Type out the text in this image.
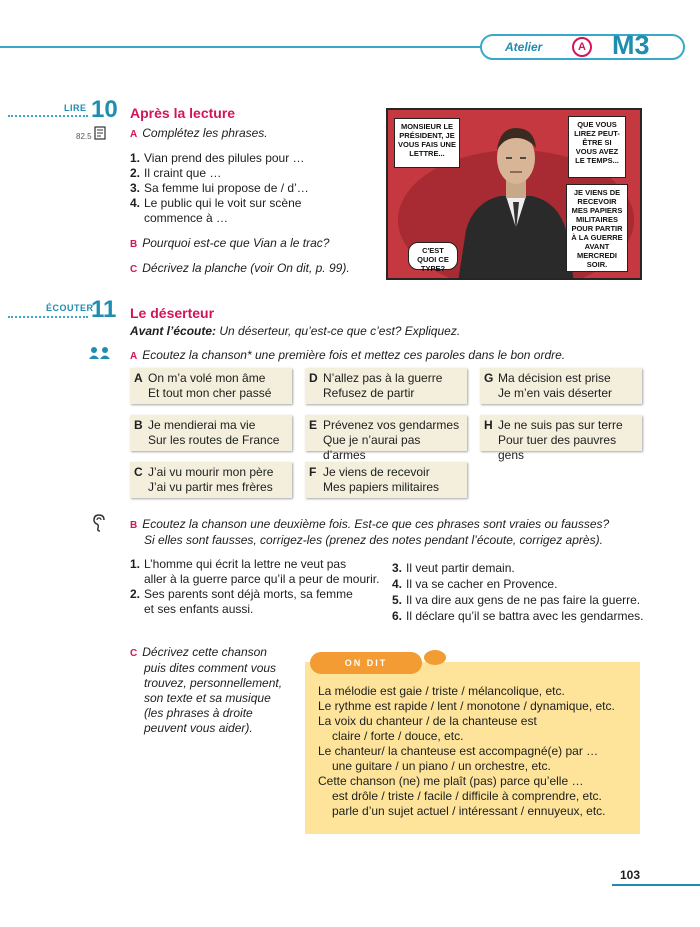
Atelier	A M3
LIRE 10 Après la lecture
82.5	A Complétez les phrases.
1. Vian prend des pilules pour …
2. Il craint que …
3. Sa femme lui propose de / d’…
4. Le public qui le voit sur scène
commence à …
B Pourquoi est-ce que Vian a le trac?
C Décrivez la planche (voir On dit, p. 99).
MONSIEUR LE PRÉSIDENT, JE VOUS FAIS UNE LETTRE...
QUE VOUS LIREZ PEUT-ÊTRE SI VOUS AVEZ LE TEMPS...
JE VIENS DE RECEVOIR MES PAPIERS MILITAIRES POUR PARTIR À LA GUERRE AVANT MERCREDI SOIR.
C'EST QUOI CE TYPE?
ÉCOUTER
11 Le déserteur
Avant l’écoute: Un déserteur, qu’est-ce que c’est? Expliquez.
A Ecoutez la chanson* une première fois et mettez ces paroles dans le bon ordre.
A On m’a volé mon âme
Et tout mon cher passé
D N’allez pas à la guerre
Refusez de partir
G Ma décision est prise
Je m’en vais déserter
B Je mendierai ma vie
Sur les routes de France
E Prévenez vos gendarmes
Que je n’aurai pas d’armes
H Je ne suis pas sur terre
Pour tuer des pauvres gens
C J’ai vu mourir mon père
J’ai vu partir mes frères
F Je viens de recevoir
Mes papiers militaires
B Ecoutez la chanson une deuxième fois. Est-ce que ces phrases sont vraies ou fausses?
Si elles sont fausses, corrigez-les (prenez des notes pendant l’écoute, corrigez après).
1. L’homme qui écrit la lettre ne veut pas
aller à la guerre parce qu’il a peur de mourir.
2. Ses parents sont déjà morts, sa femme
et ses enfants aussi.
3. Il veut partir demain.
4. Il va se cacher en Provence.
5. Il va dire aux gens de ne pas faire la guerre.
6. Il déclare qu’il se battra avec les gendarmes.
C Décrivez cette chanson
puis dites comment vous
trouvez, personnellement,
son texte et sa musique
(les phrases à droite
peuvent vous aider).
ON DIT
La mélodie est gaie / triste / mélancolique, etc.
Le rythme est rapide / lent / monotone / dynamique, etc.
La voix du chanteur / de la chanteuse est
claire / forte / douce, etc.
Le chanteur/ la chanteuse est accompagné(e) par …
une guitare / un piano / un orchestre, etc.
Cette chanson (ne) me plaît (pas) parce qu’elle …
est drôle / triste / facile / difficile à comprendre, etc.
parle d’un sujet actuel / intéressant / ennuyeux, etc.
103
